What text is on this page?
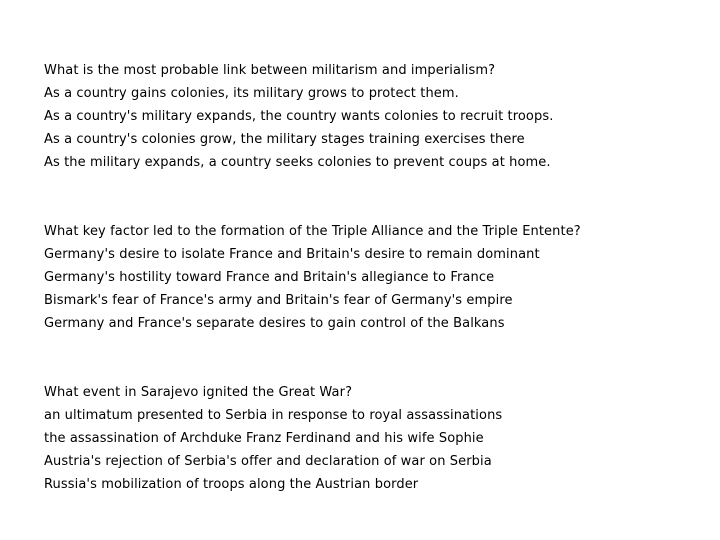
What is the most probable link between militarism and imperialism?
As a country gains colonies, its military grows to protect them.
As a country's military expands, the country wants colonies to recruit troops.
As a country's colonies grow, the military stages training exercises there
As the military expands, a country seeks colonies to prevent coups at home.
What key factor led to the formation of the Triple Alliance and the Triple Entente?
Germany's desire to isolate France and Britain's desire to remain dominant
Germany's hostility toward France and Britain's allegiance to France
Bismark's fear of France's army and Britain's fear of Germany's empire
Germany and France's separate desires to gain control of the Balkans
What event in Sarajevo ignited the Great War?
an ultimatum presented to Serbia in response to royal assassinations
the assassination of Archduke Franz Ferdinand and his wife Sophie
Austria's rejection of Serbia's offer and declaration of war on Serbia
Russia's mobilization of troops along the Austrian border
